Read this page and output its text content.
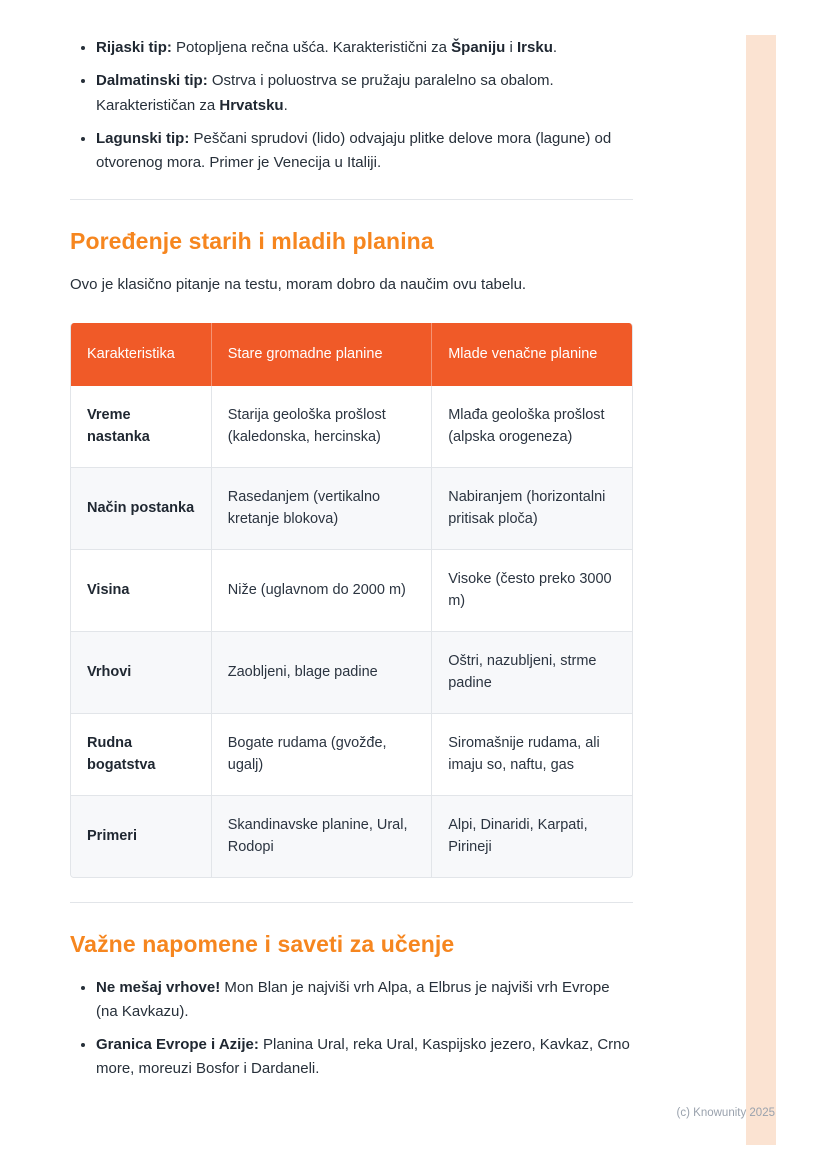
• Rijaski tip: Potopljena rečna ušća. Karakteristični za Španiju i Irsku.
• Dalmatinski tip: Ostrva i poluostrva se pružaju paralelno sa obalom. Karakterističan za Hrvatsku.
• Lagunski tip: Peščani sprudovi (lido) odvajaju plitke delove mora (lagune) od otvorenog mora. Primer je Venecija u Italiji.
Poređenje starih i mladih planina

Ovo je klasično pitanje na testu, moram dobro da naučim ovu tabelu.

Karakteristika	Stare gromadne planine	Mlade venačne planine
Vreme nastanka	Starija geološka prošlost (kaledonska, hercinska)	Mlađa geološka prošlost (alpska orogeneza)
Način postanka	Rasedanjem (vertikalno kretanje blokova)	Nabiranjem (horizontalni pritisak ploča)
Visina	Niže (uglavnom do 2000 m)	Visoke (često preko 3000 m)
Vrhovi	Zaobljeni, blage padine	Oštri, nazubljeni, strme padine
Rudna bogatstva	Bogate rudama (gvožđe, ugalj)	Siromašnije rudama, ali imaju so, naftu, gas
Primeri	Skandinavske planine, Ural, Rodopi	Alpi, Dinaridi, Karpati, Pirineji
Važne napomene i saveti za učenje
• Ne mešaj vrhove! Mon Blan je najviši vrh Alpa, a Elbrus je najviši vrh Evrope (na Kavkazu).
• Granica Evrope i Azije: Planina Ural, reka Ural, Kaspijsko jezero, Kavkaz, Crno more, moreuzi Bosfor i Dardaneli.
(c) Knowunity 2025
